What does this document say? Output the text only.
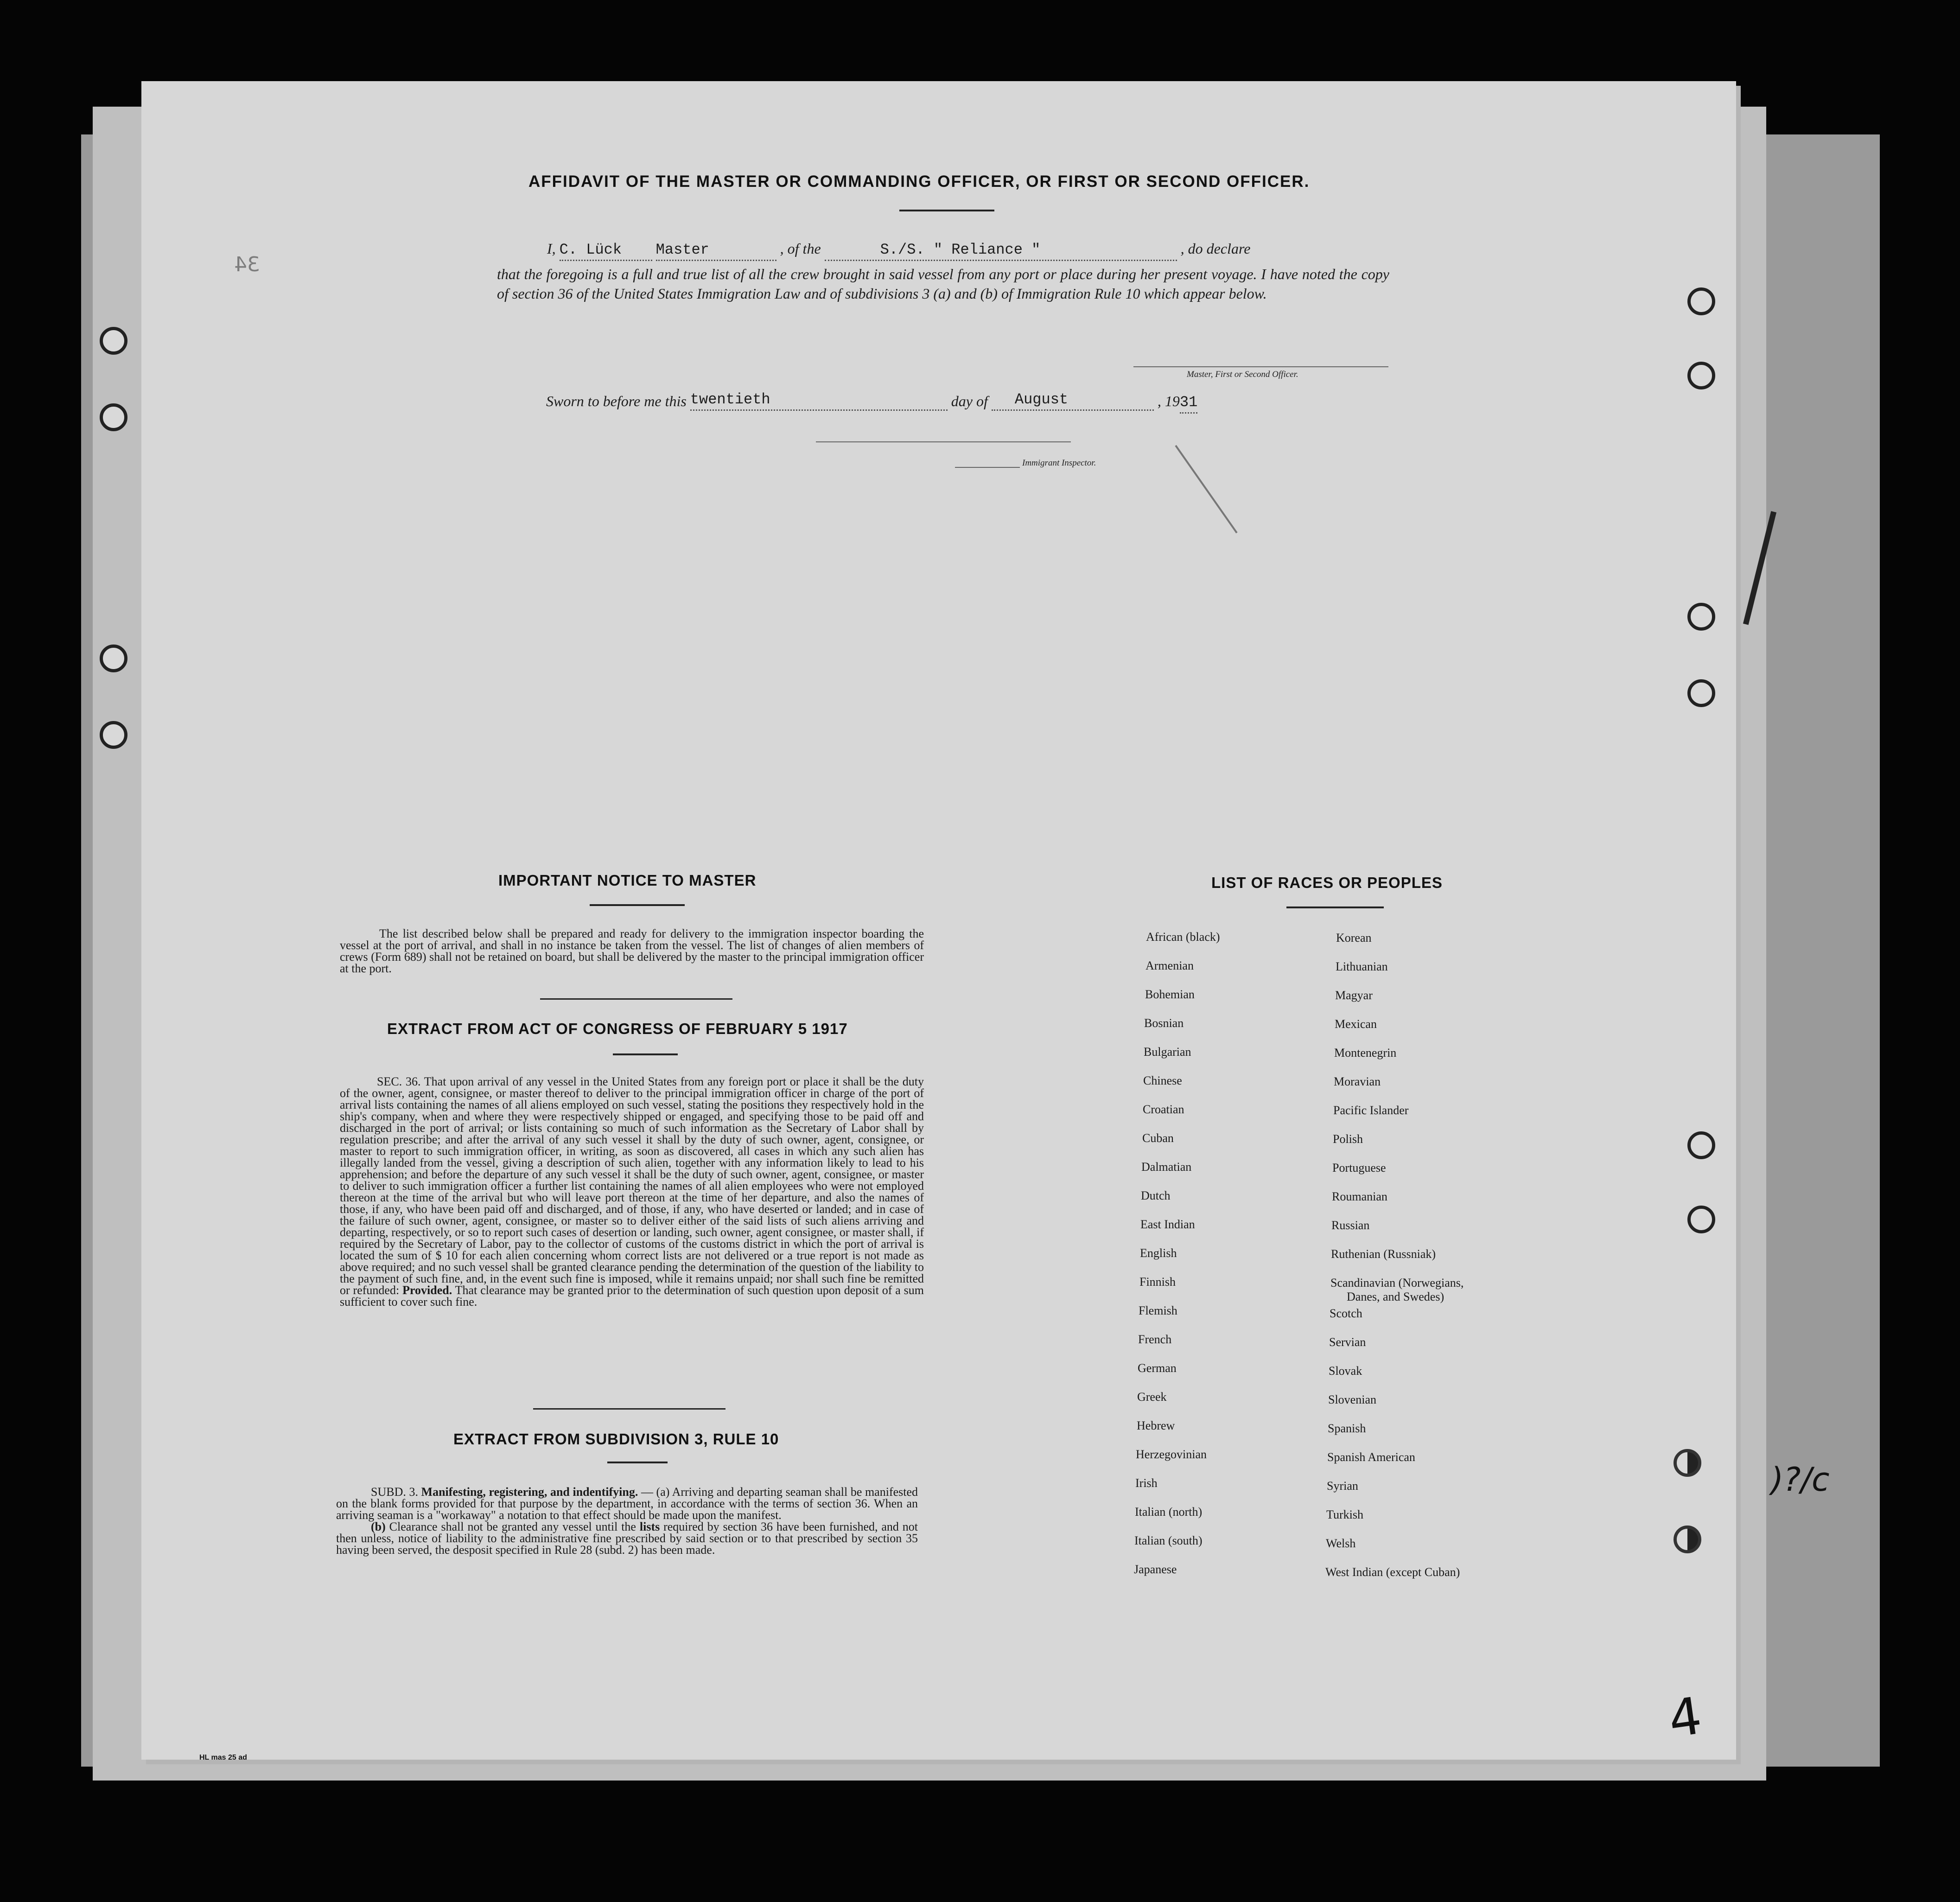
34
AFFIDAVIT OF THE MASTER OR COMMANDING OFFICER, OR FIRST OR SECOND OFFICER.
I, C. Lück Master	, of the	S./S. " Reliance "	, do declare
that the foregoing is a full and true list of all the crew brought in said vessel from any port or place during her present voyage. I have noted the copy of section 36 of the United States Immigration Law and of subdivisions 3 (a) and (b) of Immigration Rule 10 which appear below.
Master, First or Second Officer.
Sworn to before me this twentieth	day of August	, 1931
Immigrant Inspector.
IMPORTANT NOTICE TO MASTER
The list described below shall be prepared and ready for delivery to the immigration inspector boarding the vessel at the port of arrival, and shall in no instance be taken from the vessel. The list of changes of alien members of crews (Form 689) shall not be retained on board, but shall be delivered by the master to the principal immigration officer at the port.
EXTRACT FROM ACT OF CONGRESS OF FEBRUARY 5 1917
SEC. 36. That upon arrival of any vessel in the United States from any foreign port or place it shall be the duty of the owner, agent, consignee, or master thereof to deliver to the principal immigration officer in charge of the port of arrival lists containing the names of all aliens employed on such vessel, stating the positions they respectively hold in the ship's company, when and where they were respectively shipped or engaged, and specifying those to be paid off and discharged in the port of arrival; or lists containing so much of such information as the Secretary of Labor shall by regulation prescribe; and after the arrival of any such vessel it shall by the duty of such owner, agent, consignee, or master to report to such immigration officer, in writing, as soon as discovered, all cases in which any such alien has illegally landed from the vessel, giving a description of such alien, together with any information likely to lead to his apprehension; and before the departure of any such vessel it shall be the duty of such owner, agent, consignee, or master to deliver to such immigration officer a further list containing the names of all alien employees who were not employed thereon at the time of the arrival but who will leave port thereon at the time of her departure, and also the names of those, if any, who have been paid off and discharged, and of those, if any, who have deserted or landed; and in case of the failure of such owner, agent, consignee, or master so to deliver either of the said lists of such aliens arriving and departing, respectively, or so to report such cases of desertion or landing, such owner, agent consignee, or master shall, if required by the Secretary of Labor, pay to the collector of customs of the customs district in which the port of arrival is located the sum of $ 10 for each alien concerning whom correct lists are not delivered or a true report is not made as above required; and no such vessel shall be granted clearance pending the determination of the question of the liability to the payment of such fine, and, in the event such fine is imposed, while it remains unpaid; nor shall such fine be remitted or refunded: Provided. That clearance may be granted prior to the determination of such question upon deposit of a sum sufficient to cover such fine.
EXTRACT FROM SUBDIVISION 3, RULE 10
SUBD. 3. Manifesting, registering, and indentifying. — (a) Arriving and departing seaman shall be manifested on the blank forms provided for that purpose by the department, in accordance with the terms of section 36. When an arriving seaman is a "workaway" a notation to that effect should be made upon the manifest.
(b) Clearance shall not be granted any vessel until the lists required by section 36 have been furnished, and not then unless, notice of liability to the administrative fine prescribed by said section or to that prescribed by section 35 having been served, the desposit specified in Rule 28 (subd. 2) has been made.
LIST OF RACES OR PEOPLES
African (black)
Armenian
Bohemian
Bosnian
Bulgarian
Chinese
Croatian
Cuban
Dalmatian
Dutch
East Indian
English
Finnish
Flemish
French
German
Greek
Hebrew
Herzegovinian
Irish
Italian (north)
Italian (south)
Japanese
Korean
Lithuanian
Magyar
Mexican
Montenegrin
Moravian
Pacific Islander
Polish
Portuguese
Roumanian
Russian
Ruthenian (Russniak)
Scandinavian (Norwegians,
Danes, and Swedes)
Scotch
Servian
Slovak
Slovenian
Spanish
Spanish American
Syrian
Turkish
Welsh
West Indian (except Cuban)
)?/c
4
HL mas 25 ad
